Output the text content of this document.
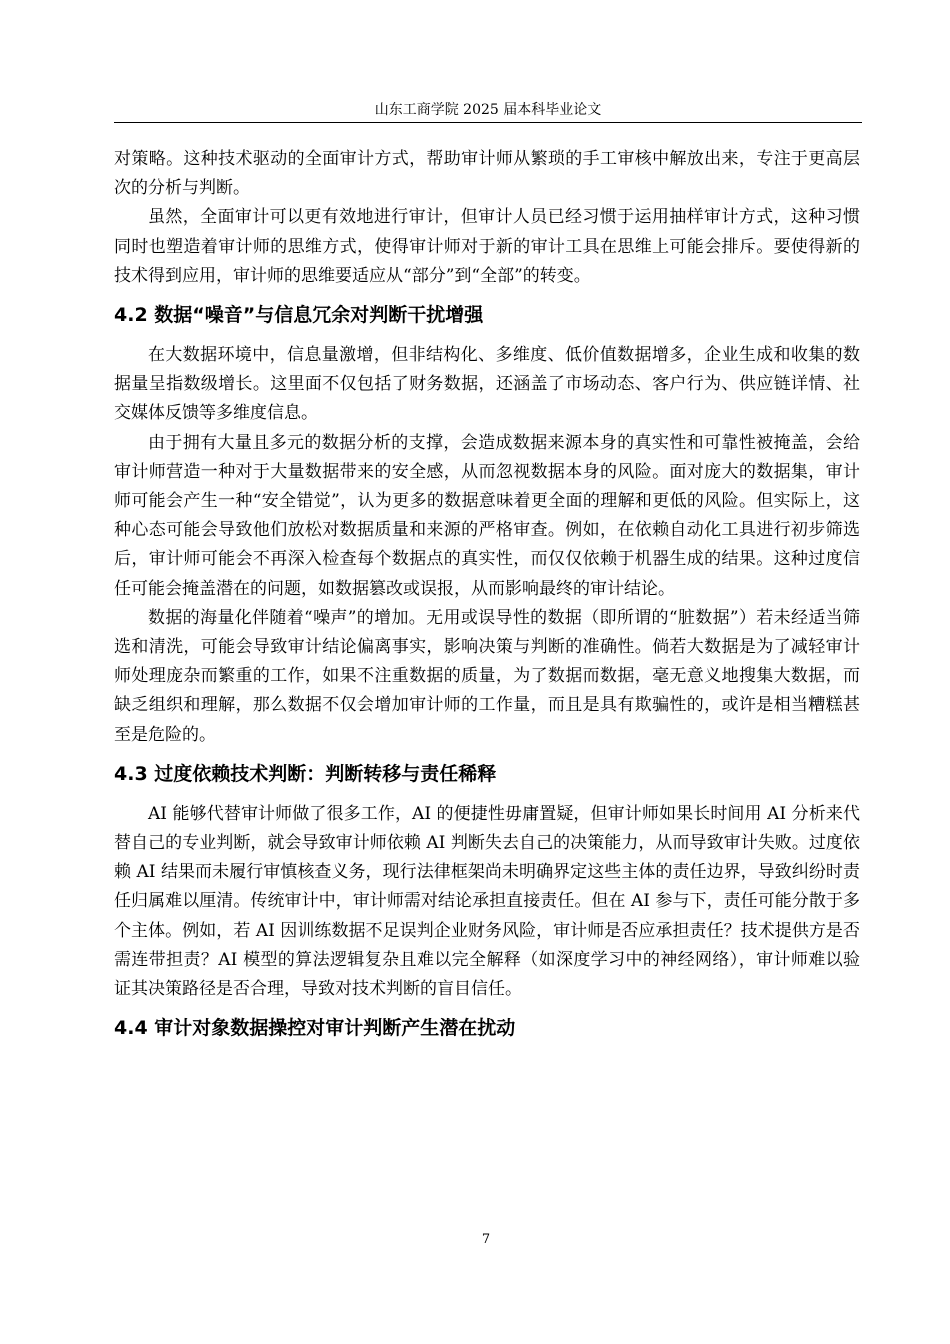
山东工商学院 2025 届本科毕业论文

对策略。这种技术驱动的全面审计方式，帮助审计师从繁琐的手工审核中解放出来，专注于更高层次的分析与判断。

虽然，全面审计可以更有效地进行审计，但审计人员已经习惯于运用抽样审计方式，这种习惯同时也塑造着审计师的思维方式，使得审计师对于新的审计工具在思维上可能会排斥。要使得新的技术得到应用，审计师的思维要适应从“部分”到“全部”的转变。

4.2 数据“噪音”与信息冗余对判断干扰增强

在大数据环境中，信息量激增，但非结构化、多维度、低价值数据增多，企业生成和收集的数据量呈指数级增长。这里面不仅包括了财务数据，还涵盖了市场动态、客户行为、供应链详情、社交媒体反馈等多维度信息。

由于拥有大量且多元的数据分析的支撑，会造成数据来源本身的真实性和可靠性被掩盖，会给审计师营造一种对于大量数据带来的安全感，从而忽视数据本身的风险。面对庞大的数据集，审计师可能会产生一种“安全错觉”，认为更多的数据意味着更全面的理解和更低的风险。但实际上，这种心态可能会导致他们放松对数据质量和来源的严格审查。例如，在依赖自动化工具进行初步筛选后，审计师可能会不再深入检查每个数据点的真实性，而仅仅依赖于机器生成的结果。这种过度信任可能会掩盖潜在的问题，如数据篡改或误报，从而影响最终的审计结论。

数据的海量化伴随着“噪声”的增加。无用或误导性的数据（即所谓的“脏数据”）若未经适当筛选和清洗，可能会导致审计结论偏离事实，影响决策与判断的准确性。倘若大数据是为了减轻审计师处理庞杂而繁重的工作，如果不注重数据的质量，为了数据而数据，毫无意义地搜集大数据，而缺乏组织和理解，那么数据不仅会增加审计师的工作量，而且是具有欺骗性的，或许是相当糟糕甚至是危险的。

4.3 过度依赖技术判断：判断转移与责任稀释

AI 能够代替审计师做了很多工作，AI 的便捷性毋庸置疑，但审计师如果长时间用 AI 分析来代替自己的专业判断，就会导致审计师依赖 AI 判断失去自己的决策能力，从而导致审计失败。过度依赖 AI 结果而未履行审慎核查义务，现行法律框架尚未明确界定这些主体的责任边界，导致纠纷时责任归属难以厘清。传统审计中，审计师需对结论承担直接责任。但在 AI 参与下，责任可能分散于多个主体。例如，若 AI 因训练数据不足误判企业财务风险，审计师是否应承担责任？技术提供方是否需连带担责？AI 模型的算法逻辑复杂且难以完全解释（如深度学习中的神经网络），审计师难以验证其决策路径是否合理，导致对技术判断的盲目信任。

4.4 审计对象数据操控对审计判断产生潜在扰动
7
